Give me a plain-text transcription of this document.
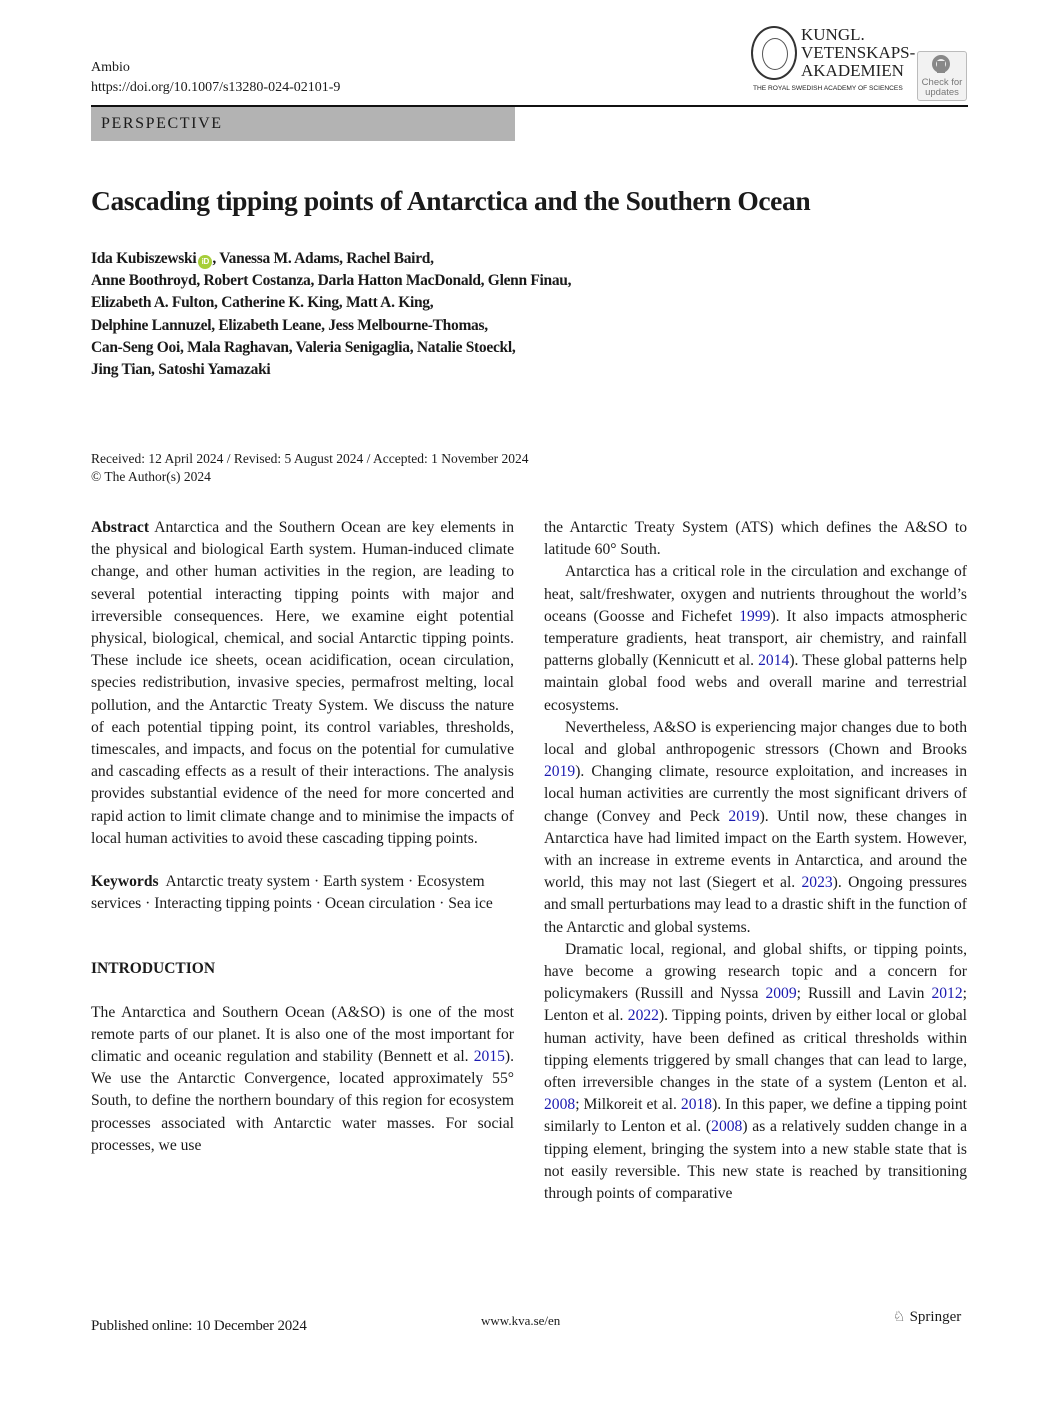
Ambio
https://doi.org/10.1007/s13280-024-02101-9
KUNGL.
VETENSKAPS-
AKADEMIEN
THE ROYAL SWEDISH ACADEMY OF SCIENCES
Check for
updates
PERSPECTIVE
Cascading tipping points of Antarctica and the Southern Ocean
Ida Kubiszewski iD , Vanessa M. Adams, Rachel Baird,
Anne Boothroyd, Robert Costanza, Darla Hatton MacDonald, Glenn Finau,
Elizabeth A. Fulton, Catherine K. King, Matt A. King,
Delphine Lannuzel, Elizabeth Leane, Jess Melbourne-Thomas,
Can-Seng Ooi, Mala Raghavan, Valeria Senigaglia, Natalie Stoeckl,
Jing Tian, Satoshi Yamazaki
Received: 12 April 2024 / Revised: 5 August 2024 / Accepted: 1 November 2024
© The Author(s) 2024

Abstract Antarctica and the Southern Ocean are key elements in the physical and biological Earth system. Human-induced climate change, and other human activities in the region, are leading to several potential interacting tipping points with major and irreversible consequences. Here, we examine eight potential physical, biological, chemical, and social Antarctic tipping points. These include ice sheets, ocean acidification, ocean circulation, species redistribution, invasive species, permafrost melting, local pollution, and the Antarctic Treaty System. We discuss the nature of each potential tipping point, its control variables, thresholds, timescales, and impacts, and focus on the potential for cumulative and cascading effects as a result of their interactions. The analysis provides substantial evidence of the need for more concerted and rapid action to limit climate change and to minimise the impacts of local human activities to avoid these cascading tipping points.

Keywords Antarctic treaty system · Earth system · Ecosystem services · Interacting tipping points · Ocean circulation · Sea ice

INTRODUCTION

The Antarctica and Southern Ocean (A&SO) is one of the most remote parts of our planet. It is also one of the most important for climatic and oceanic regulation and stability (Bennett et al. 2015). We use the Antarctic Convergence, located approximately 55° South, to define the northern boundary of this region for ecosystem processes associated with Antarctic water masses. For social processes, we use

the Antarctic Treaty System (ATS) which defines the A&SO to latitude 60° South.

Antarctica has a critical role in the circulation and exchange of heat, salt/freshwater, oxygen and nutrients throughout the world’s oceans (Goosse and Fichefet 1999). It also impacts atmospheric temperature gradients, heat transport, air chemistry, and rainfall patterns globally (Kennicutt et al. 2014). These global patterns help maintain global food webs and overall marine and terrestrial ecosystems.

Nevertheless, A&SO is experiencing major changes due to both local and global anthropogenic stressors (Chown and Brooks 2019). Changing climate, resource exploitation, and increases in local human activities are currently the most significant drivers of change (Convey and Peck 2019). Until now, these changes in Antarctica have had limited impact on the Earth system. However, with an increase in extreme events in Antarctica, and around the world, this may not last (Siegert et al. 2023). Ongoing pressures and small perturbations may lead to a drastic shift in the function of the Antarctic and global systems.

Dramatic local, regional, and global shifts, or tipping points, have become a growing research topic and a concern for policymakers (Russill and Nyssa 2009; Russill and Lavin 2012; Lenton et al. 2022). Tipping points, driven by either local or global human activity, have been defined as critical thresholds within tipping elements triggered by small changes that can lead to large, often irreversible changes in the state of a system (Lenton et al. 2008; Milkoreit et al. 2018). In this paper, we define a tipping point similarly to Lenton et al. (2008) as a relatively sudden change in a tipping element, bringing the system into a new stable state that is not easily reversible. This new state is reached by transitioning through points of comparative

Published online: 10 December 2024	www.kva.se/en	♘ Springer
